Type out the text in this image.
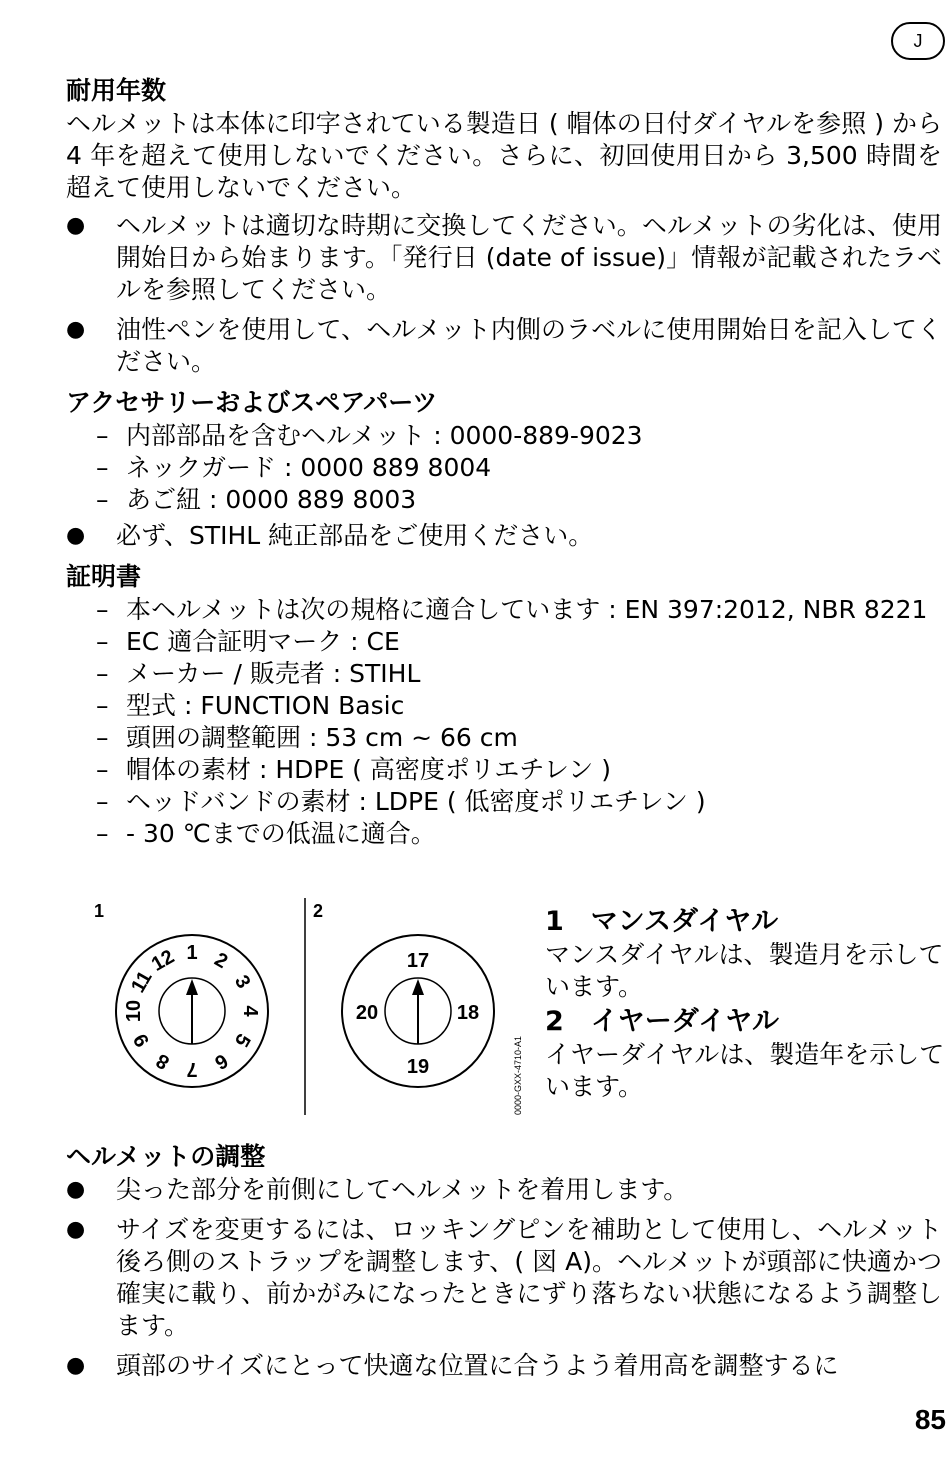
J
耐用年数

ヘルメットは本体に印字されている製造日 ( 帽体の日付ダイヤルを参照 ) から 4 年を超えて使用しないでください。さらに、初回使用日から 3,500 時間を超えて使用しないでください。

● ヘルメットは適切な時期に交換してください。ヘルメットの劣化は、使用開始日から始まります。「発行日 (date of issue)」情報が記載されたラベルを参照してください。
● 油性ペンを使用して、ヘルメット内側のラベルに使用開始日を記入してください。
アクセサリーおよびスペアパーツ
– 内部部品を含むヘルメット : 0000-889-9023
– ネックガード : 0000 889 8004
– あご紐 : 0000 889 8003
● 必ず、STIHL 純正部品をご使用ください。
証明書
– 本ヘルメットは次の規格に適合しています : EN 397:2012, NBR 8221
– EC 適合証明マーク : CE
– メーカー / 販売者 : STIHL
– 型式 : FUNCTION Basic
– 頭囲の調整範囲 : 53 cm ~ 66 cm
– 帽体の素材 : HDPE ( 高密度ポリエチレン )
– ヘッドバンドの素材 : LDPE ( 低密度ポリエチレン )
– - 30 ℃までの低温に適合。
1	2
1 2
3
4
5
6
7
8
9
10
11
12	17
18
19
20
0000-GXX-4710-A1
1　マンスダイヤル
マンスダイヤルは、製造月を示しています。
2　イヤーダイヤル
イヤーダイヤルは、製造年を示しています。
ヘルメットの調整
● 尖った部分を前側にしてヘルメットを着用します。
● サイズを変更するには、ロッキングピンを補助として使用し、ヘルメット後ろ側のストラップを調整します、( 図 A)。ヘルメットが頭部に快適かつ確実に載り、前かがみになったときにずり落ちない状態になるよう調整します。
● 頭部のサイズにとって快適な位置に合うよう着用高を調整するに
85
